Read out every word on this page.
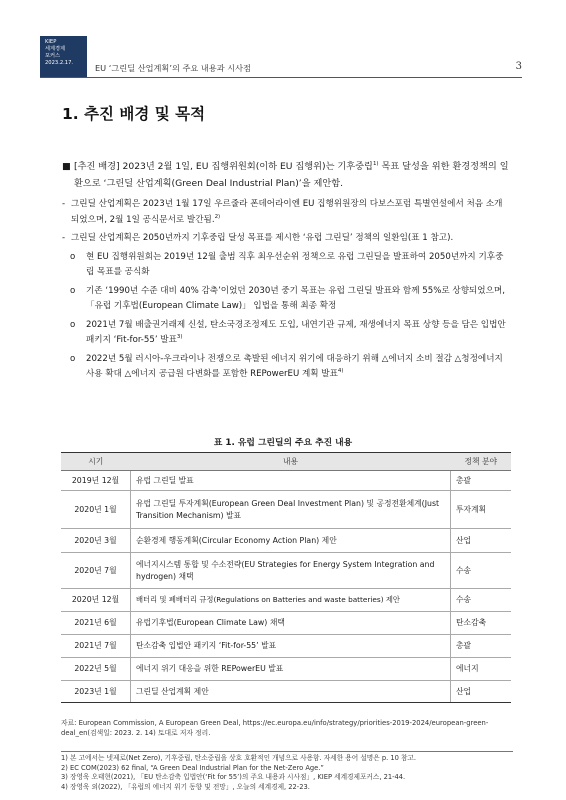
KIEP
세계경제
포커스
2023.2.17.	EU ‘그린딜 산업계획’의 주요 내용과 시사점	3
1. 추진 배경 및 목적

■ [추진 배경] 2023년 2월 1일, EU 집행위원회(이하 EU 집행위)는 기후중립$^{1)}$ 목표 달성을 위한 환경정책의 일환으로 ‘그린딜 산업계획(Green Deal Industrial Plan)’을 제안함.

- 그린딜 산업계획은 2023년 1월 17일 우르줄라 폰데어라이엔 EU 집행위원장의 다보스포럼 특별연설에서 처음 소개되었으며, 2월 1일 공식문서로 발간됨.$^{2)}$

- 그린딜 산업계획은 2050년까지 기후중립 달성 목표를 제시한 ‘유럽 그린딜’ 정책의 일환임(표 1 참고).

o 현 EU 집행위원회는 2019년 12월 출범 직후 최우선순위 정책으로 유럽 그린딜을 발표하여 2050년까지 기후중립 목표를 공식화

o 기존 ‘1990년 수준 대비 40% 감축’이었던 2030년 중기 목표는 유럽 그린딜 발표와 함께 55%로 상향되었으며, 「유럽 기후법(European Climate Law)」 입법을 통해 최종 확정

o 2021년 7월 배출권거래제 신설, 탄소국경조정제도 도입, 내연기관 규제, 재생에너지 목표 상향 등을 담은 입법안 패키지 ‘Fit-for-55’ 발표$^{3)}$

o 2022년 5월 러시아-우크라이나 전쟁으로 촉발된 에너지 위기에 대응하기 위해 △에너지 소비 절감 △청정에너지 사용 확대 △에너지 공급원 다변화를 포함한 REPowerEU 계획 발표$^{4)}$

표 1. 유럽 그린딜의 주요 추진 내용
시기	내용	정책 분야
2019년 12월	유럽 그린딜 발표	총괄
2020년 1월	유럽 그린딜 투자계획(European Green Deal Investment Plan) 및 공정전환체계(Just Transition Mechanism) 발표	투자계획
2020년 3월	순환경제 행동계획(Circular Economy Action Plan) 제안	산업
2020년 7월	에너지시스템 통합 및 수소전략(EU Strategies for Energy System Integration and hydrogen) 채택	수송
2020년 12월	배터리 및 폐배터리 규정(Regulations on Batteries and waste batteries) 제안	수송
2021년 6월	유럽기후법(European Climate Law) 채택	탄소감축
2021년 7월	탄소감축 입법안 패키지 ‘Fit-for-55’ 발표	총괄
2022년 5월	에너지 위기 대응을 위한 REPowerEU 발표	에너지
2023년 1월	그린딜 산업계획 제안	산업
자료: European Commission, A European Green Deal, https://ec.europa.eu/info/strategy/priorities-2019-2024/european-green-deal_en(검색일: 2023. 2. 14) 토대로 저자 정리.
1) 본 고에서는 넷제로(Net Zero), 기후중립, 탄소중립을 상호 호환적인 개념으로 사용함. 자세한 용어 설명은 p. 10 참고.
2) EC COM(2023) 62 final, “A Green Deal Industrial Plan for the Net-Zero Age.”
3) 장영욱 오태현(2021), 「EU 탄소감축 입법안(‘Fit for 55’)의 주요 내용과 시사점」, KIEP 세계경제포커스, 21-44.
4) 장영욱 외(2022), 「유럽의 에너지 위기 동향 및 전망」, 오늘의 세계경제, 22-23.
